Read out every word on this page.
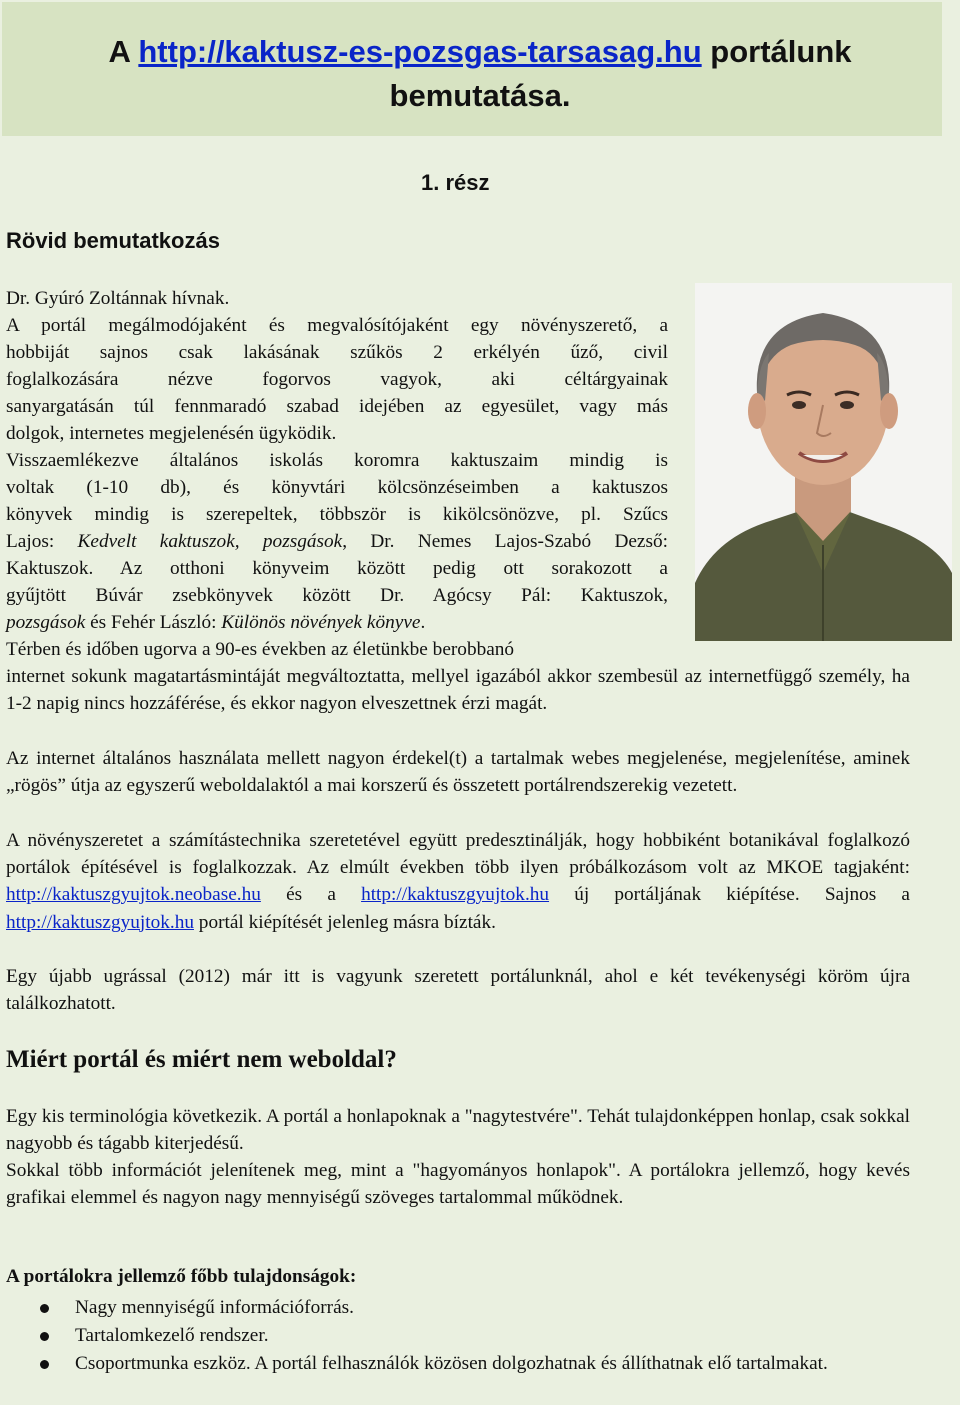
A http://kaktusz-es-pozsgas-tarsasag.hu portálunk
bemutatása.
1. rész
Rövid bemutatkozás
Dr. Gyúró Zoltánnak hívnak.
A portál megálmodójaként és megvalósítójaként egy növényszerető, a
hobbiját sajnos csak lakásának szűkös 2 erkélyén űző, civil
foglalkozására nézve fogorvos vagyok, aki céltárgyainak
sanyargatásán túl fennmaradó szabad idejében az egyesület, vagy más
dolgok, internetes megjelenésén ügyködik.
Visszaemlékezve általános iskolás koromra kaktuszaim mindig is
voltak (1-10 db), és könyvtári kölcsönzéseimben a kaktuszos
könyvek mindig is szerepeltek, többször is kikölcsönözve, pl. Szűcs
Lajos: Kedvelt kaktuszok, pozsgások, Dr. Nemes Lajos-Szabó Dezső:
Kaktuszok. Az otthoni könyveim között pedig ott sorakozott a
gyűjtött Búvár zsebkönyvek között Dr. Agócsy Pál: Kaktuszok,
pozsgások és Fehér László: Különös növények könyve.
Térben és időben ugorva a 90-es években az életünkbe berobbanó
internet sokunk magatartásmintáját megváltoztatta, mellyel igazából akkor szembesül az internetfüggő személy, ha 1-2 napig nincs hozzáférése, és ekkor nagyon elveszettnek érzi magát.
Az internet általános használata mellett nagyon érdekel(t) a tartalmak webes megjelenése, megjelenítése, aminek „rögös” útja az egyszerű weboldalaktól a mai korszerű és összetett portálrendszerekig vezetett.
A növényszeretet a számítástechnika szeretetével együtt predesztinálják, hogy hobbiként botanikával foglalkozó portálok építésével is foglalkozzak. Az elmúlt években több ilyen próbálkozásom volt az MKOE tagjaként: http://kaktuszgyujtok.neobase.hu és a http://kaktuszgyujtok.hu új portáljának kiépítése. Sajnos a http://kaktuszgyujtok.hu portál kiépítését jelenleg másra bízták.
Egy újabb ugrással (2012) már itt is vagyunk szeretett portálunknál, ahol e két tevékenységi köröm újra találkozhatott.
Miért portál és miért nem weboldal?
Egy kis terminológia következik. A portál a honlapoknak a "nagytestvére". Tehát tulajdonképpen honlap, csak sokkal nagyobb és tágabb kiterjedésű.
Sokkal több információt jelenítenek meg, mint a "hagyományos honlapok". A portálokra jellemző, hogy kevés grafikai elemmel és nagyon nagy mennyiségű szöveges tartalommal működnek.
A portálokra jellemző főbb tulajdonságok:
Nagy mennyiségű információforrás.
Tartalomkezelő rendszer.
Csoportmunka eszköz. A portál felhasználók közösen dolgozhatnak és állíthatnak elő tartalmakat.
